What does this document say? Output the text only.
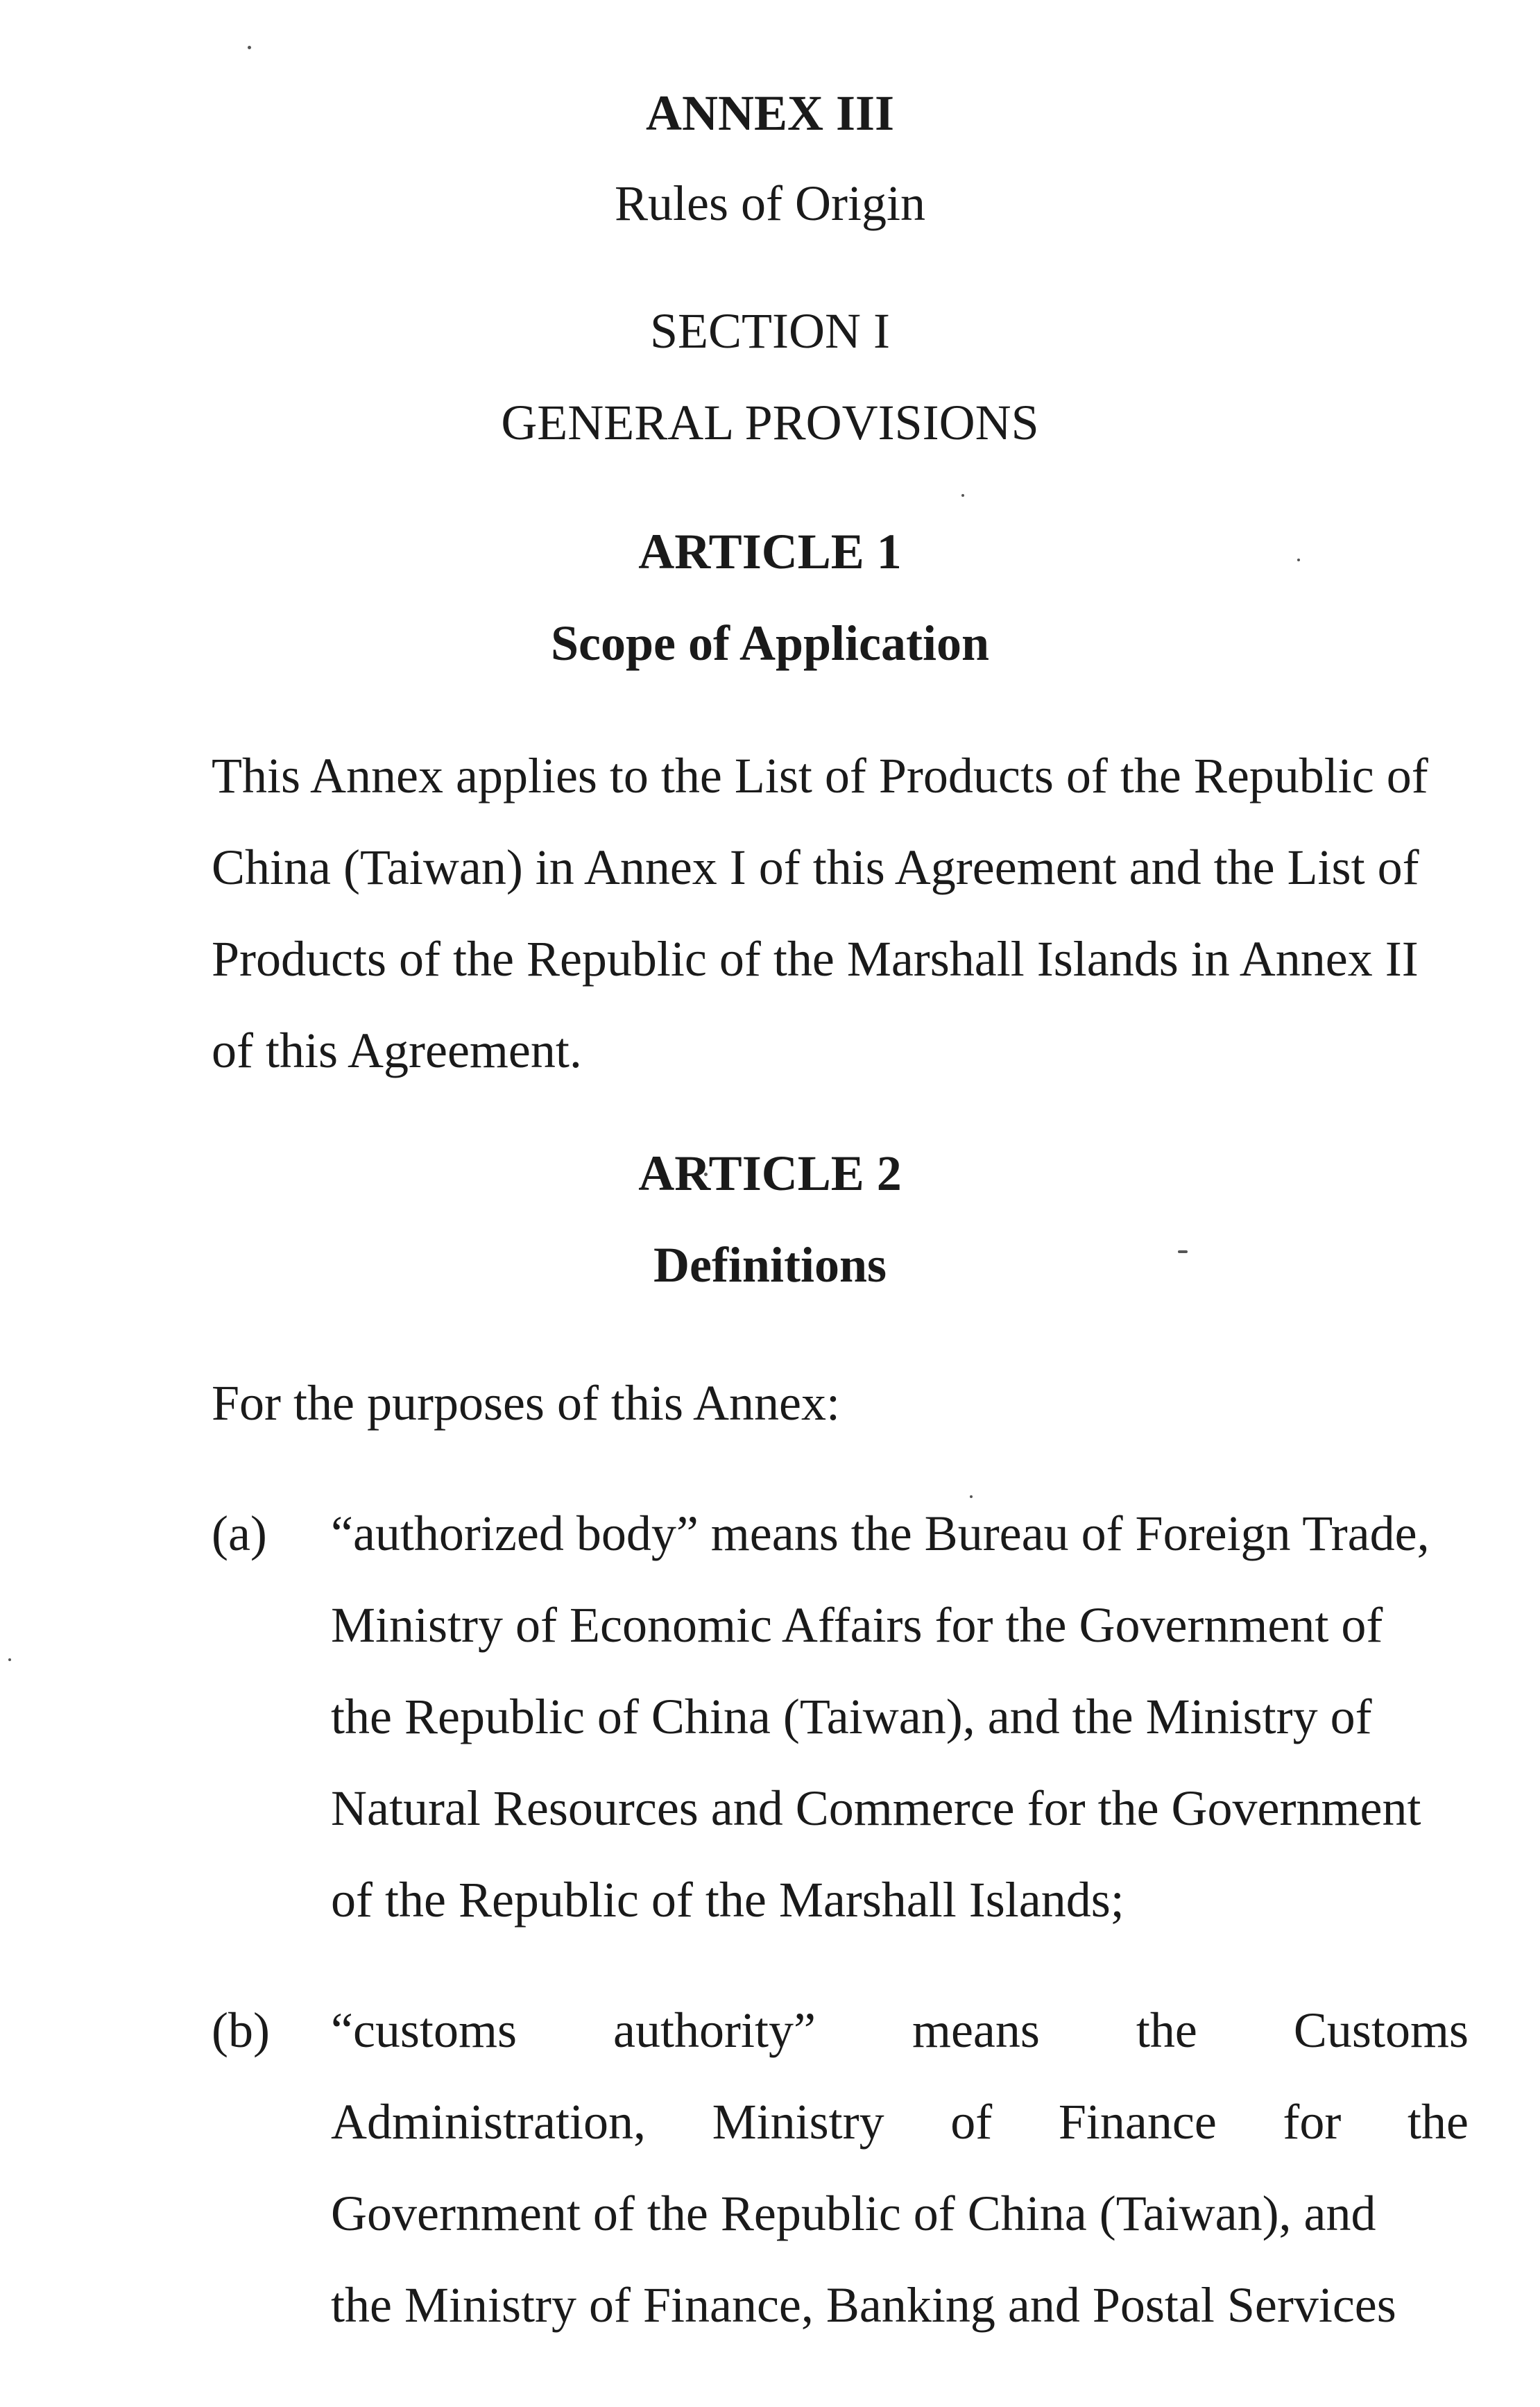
ANNEX III
Rules of Origin
SECTION I
GENERAL PROVISIONS
ARTICLE 1
Scope of Application
This Annex applies to the List of Products of the Republic of
China (Taiwan) in Annex I of this Agreement and the List of
Products of the Republic of the Marshall Islands in Annex II
of this Agreement.
ARTICLE 2
Definitions
For the purposes of this Annex:
(a) “authorized body” means the Bureau of Foreign Trade,
Ministry of Economic Affairs for the Government of
the Republic of China (Taiwan), and the Ministry of
Natural Resources and Commerce for the Government
of the Republic of the Marshall Islands;
(b) “customs authority” means the Customs
Administration, Ministry of Finance for the
Government of the Republic of China (Taiwan), and
the Ministry of Finance, Banking and Postal Services
